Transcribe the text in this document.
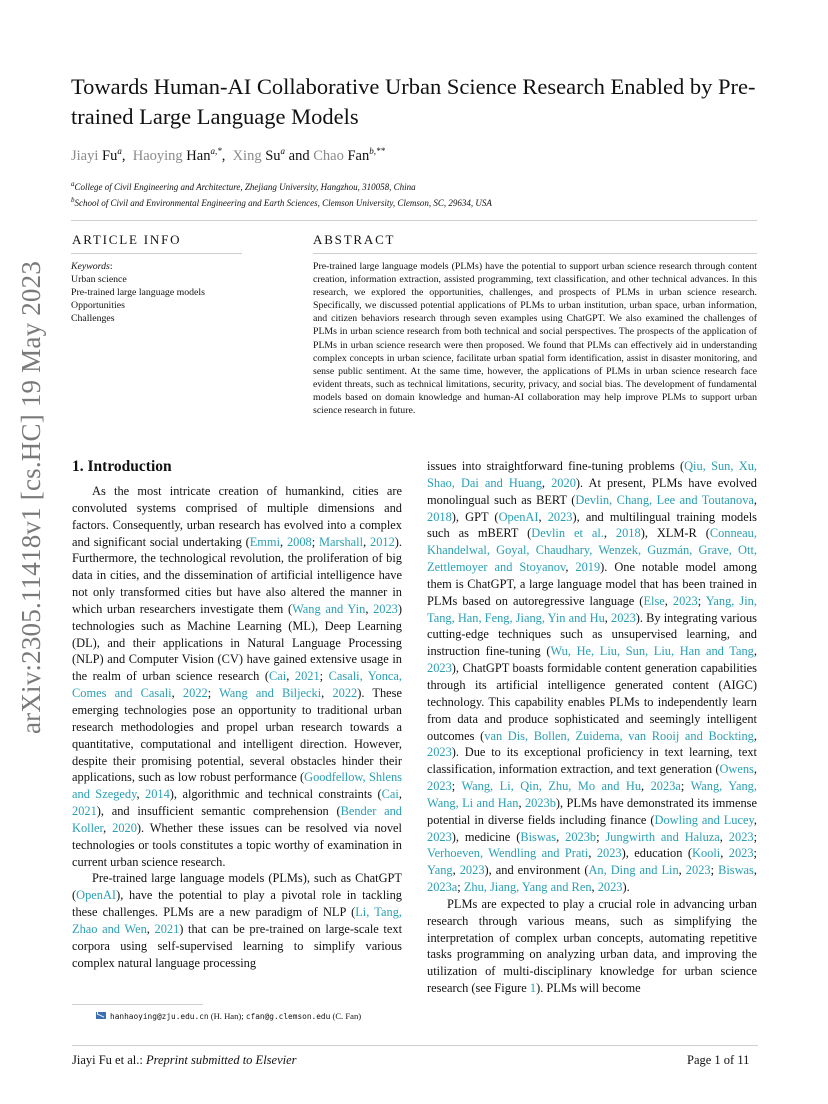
arXiv:2305.11418v1 [cs.HC] 19 May 2023
Towards Human-AI Collaborative Urban Science Research Enabled by Pre-trained Large Language Models
Jiayi Fu$^a$,  Haoying Han$^{a,*}$,  Xing Su$^a$ and Chao Fan$^{b,**}$
$^a$College of Civil Engineering and Architecture, Zhejiang University, Hangzhou, 310058, China
$^b$School of Civil and Environmental Engineering and Earth Sciences, Clemson University, Clemson, SC, 29634, USA
ARTICLE INFO
Keywords:
Urban science
Pre-trained large language models
Opportunities
Challenges
ABSTRACT
Pre-trained large language models (PLMs) have the potential to support urban science research through content creation, information extraction, assisted programming, text classification, and other technical advances. In this research, we explored the opportunities, challenges, and prospects of PLMs in urban science research. Specifically, we discussed potential applications of PLMs to urban institution, urban space, urban information, and citizen behaviors research through seven examples using ChatGPT. We also examined the challenges of PLMs in urban science research from both technical and social perspectives. The prospects of the application of PLMs in urban science research were then proposed. We found that PLMs can effectively aid in understanding complex concepts in urban science, facilitate urban spatial form identification, assist in disaster monitoring, and sense public sentiment. At the same time, however, the applications of PLMs in urban science research face evident threats, such as technical limitations, security, privacy, and social bias. The development of fundamental models based on domain knowledge and human-AI collaboration may help improve PLMs to support urban science research in future.
1. Introduction

As the most intricate creation of humankind, cities are convoluted systems comprised of multiple dimensions and factors. Consequently, urban research has evolved into a complex and significant social undertaking (Emmi, 2008; Marshall, 2012). Furthermore, the technological revolution, the proliferation of big data in cities, and the dissemination of artificial intelligence have not only transformed cities but have also altered the manner in which urban researchers investigate them (Wang and Yin, 2023) technologies such as Machine Learning (ML), Deep Learning (DL), and their applications in Natural Language Processing (NLP) and Computer Vision (CV) have gained extensive usage in the realm of urban science research (Cai, 2021; Casali, Yonca, Comes and Casali, 2022; Wang and Biljecki, 2022). These emerging technologies pose an opportunity to traditional urban research methodologies and propel urban research towards a quantitative, computational and intelligent direction. However, despite their promising potential, several obstacles hinder their applications, such as low robust performance (Goodfellow, Shlens and Szegedy, 2014), algorithmic and technical constraints (Cai, 2021), and insufficient semantic comprehension (Bender and Koller, 2020). Whether these issues can be resolved via novel technologies or tools constitutes a topic worthy of examination in current urban science research.

Pre-trained large language models (PLMs), such as ChatGPT (OpenAI), have the potential to play a pivotal role in tackling these challenges. PLMs are a new paradigm of NLP (Li, Tang, Zhao and Wen, 2021) that can be pre-trained on large-scale text corpora using self-supervised learning to simplify various complex natural language processing

issues into straightforward fine-tuning problems (Qiu, Sun, Xu, Shao, Dai and Huang, 2020). At present, PLMs have evolved monolingual such as BERT (Devlin, Chang, Lee and Toutanova, 2018), GPT (OpenAI, 2023), and multilingual training models such as mBERT (Devlin et al., 2018), XLM-R (Conneau, Khandelwal, Goyal, Chaudhary, Wenzek, Guzmán, Grave, Ott, Zettlemoyer and Stoyanov, 2019). One notable model among them is ChatGPT, a large language model that has been trained in PLMs based on autoregressive language (Else, 2023; Yang, Jin, Tang, Han, Feng, Jiang, Yin and Hu, 2023). By integrating various cutting-edge techniques such as unsupervised learning, and instruction fine-tuning (Wu, He, Liu, Sun, Liu, Han and Tang, 2023), ChatGPT boasts formidable content generation capabilities through its artificial intelligence generated content (AIGC) technology. This capability enables PLMs to independently learn from data and produce sophisticated and seemingly intelligent outcomes (van Dis, Bollen, Zuidema, van Rooij and Bockting, 2023). Due to its exceptional proficiency in text learning, text classification, information extraction, and text generation (Owens, 2023; Wang, Li, Qin, Zhu, Mo and Hu, 2023a; Wang, Yang, Wang, Li and Han, 2023b), PLMs have demonstrated its immense potential in diverse fields including finance (Dowling and Lucey, 2023), medicine (Biswas, 2023b; Jungwirth and Haluza, 2023; Verhoeven, Wendling and Prati, 2023), education (Kooli, 2023; Yang, 2023), and environment (An, Ding and Lin, 2023; Biswas, 2023a; Zhu, Jiang, Yang and Ren, 2023).

PLMs are expected to play a crucial role in advancing urban research through various means, such as simplifying the interpretation of complex urban concepts, automating repetitive tasks programming on analyzing urban data, and improving the utilization of multi-disciplinary knowledge for urban science research (see Figure 1). PLMs will become

hanhaoying@zju.edu.cn (H. Han); cfan@g.clemson.edu (C. Fan)
Jiayi Fu et al.: Preprint submitted to Elsevier	Page 1 of 11
